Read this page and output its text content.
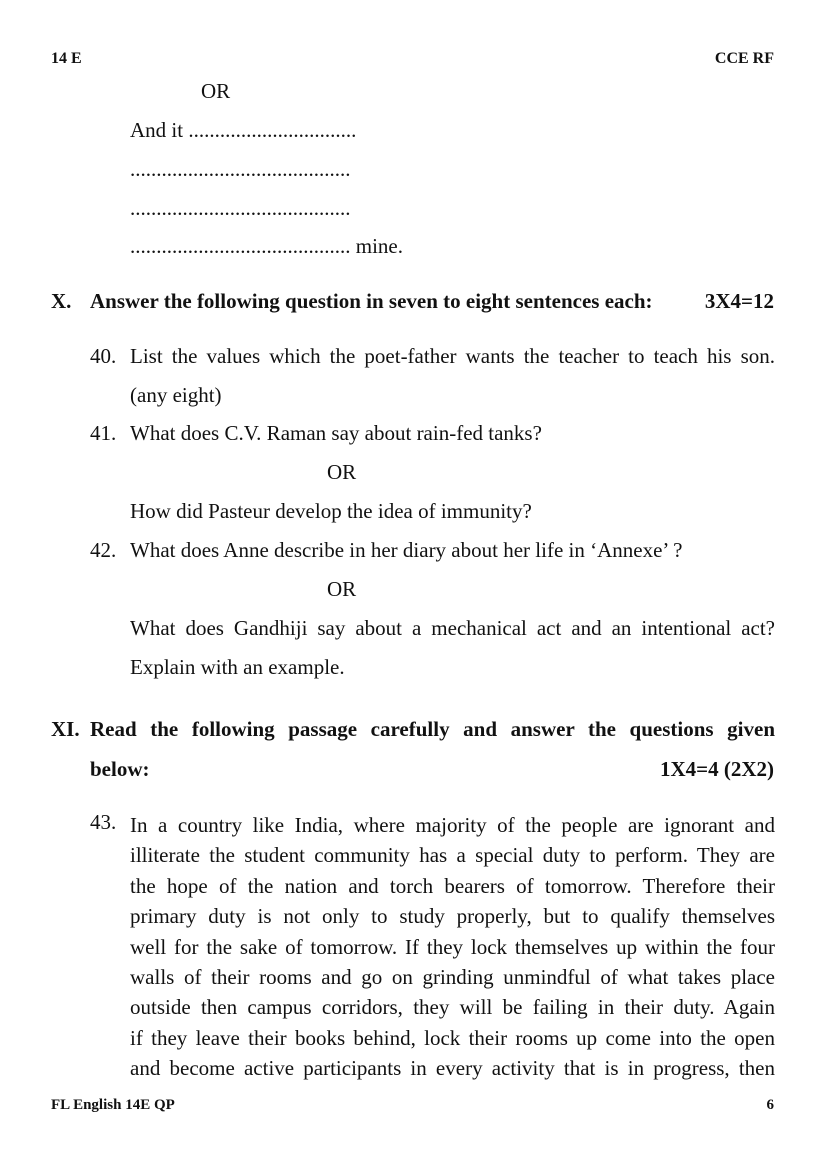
14 E	CCE RF
OR
And it ................................
..........................................
..........................................
.......................................... mine.
X. Answer the following question in seven to eight sentences each: 3X4=12
40. List the values which the poet-father wants the teacher to teach his son.
(any eight)
41. What does C.V. Raman say about rain-fed tanks?
OR
How did Pasteur develop the idea of immunity?
42. What does Anne describe in her diary about her life in ‘Annexe’ ?
OR
What does Gandhiji say about a mechanical act and an intentional act?
Explain with an example.
XI. Read the following passage carefully and answer the questions given
below:	1X4=4 (2X2)
43. In a country like India, where majority of the people are ignorant and
illiterate the student community has a special duty to perform. They are
the hope of the nation and torch bearers of tomorrow. Therefore their
primary duty is not only to study properly, but to qualify themselves
well for the sake of tomorrow. If they lock themselves up within the four
walls of their rooms and go on grinding unmindful of what takes place
outside then campus corridors, they will be failing in their duty. Again
if they leave their books behind, lock their rooms up come into the open
and become active participants in every activity that is in progress, then
FL English 14E QP	6
